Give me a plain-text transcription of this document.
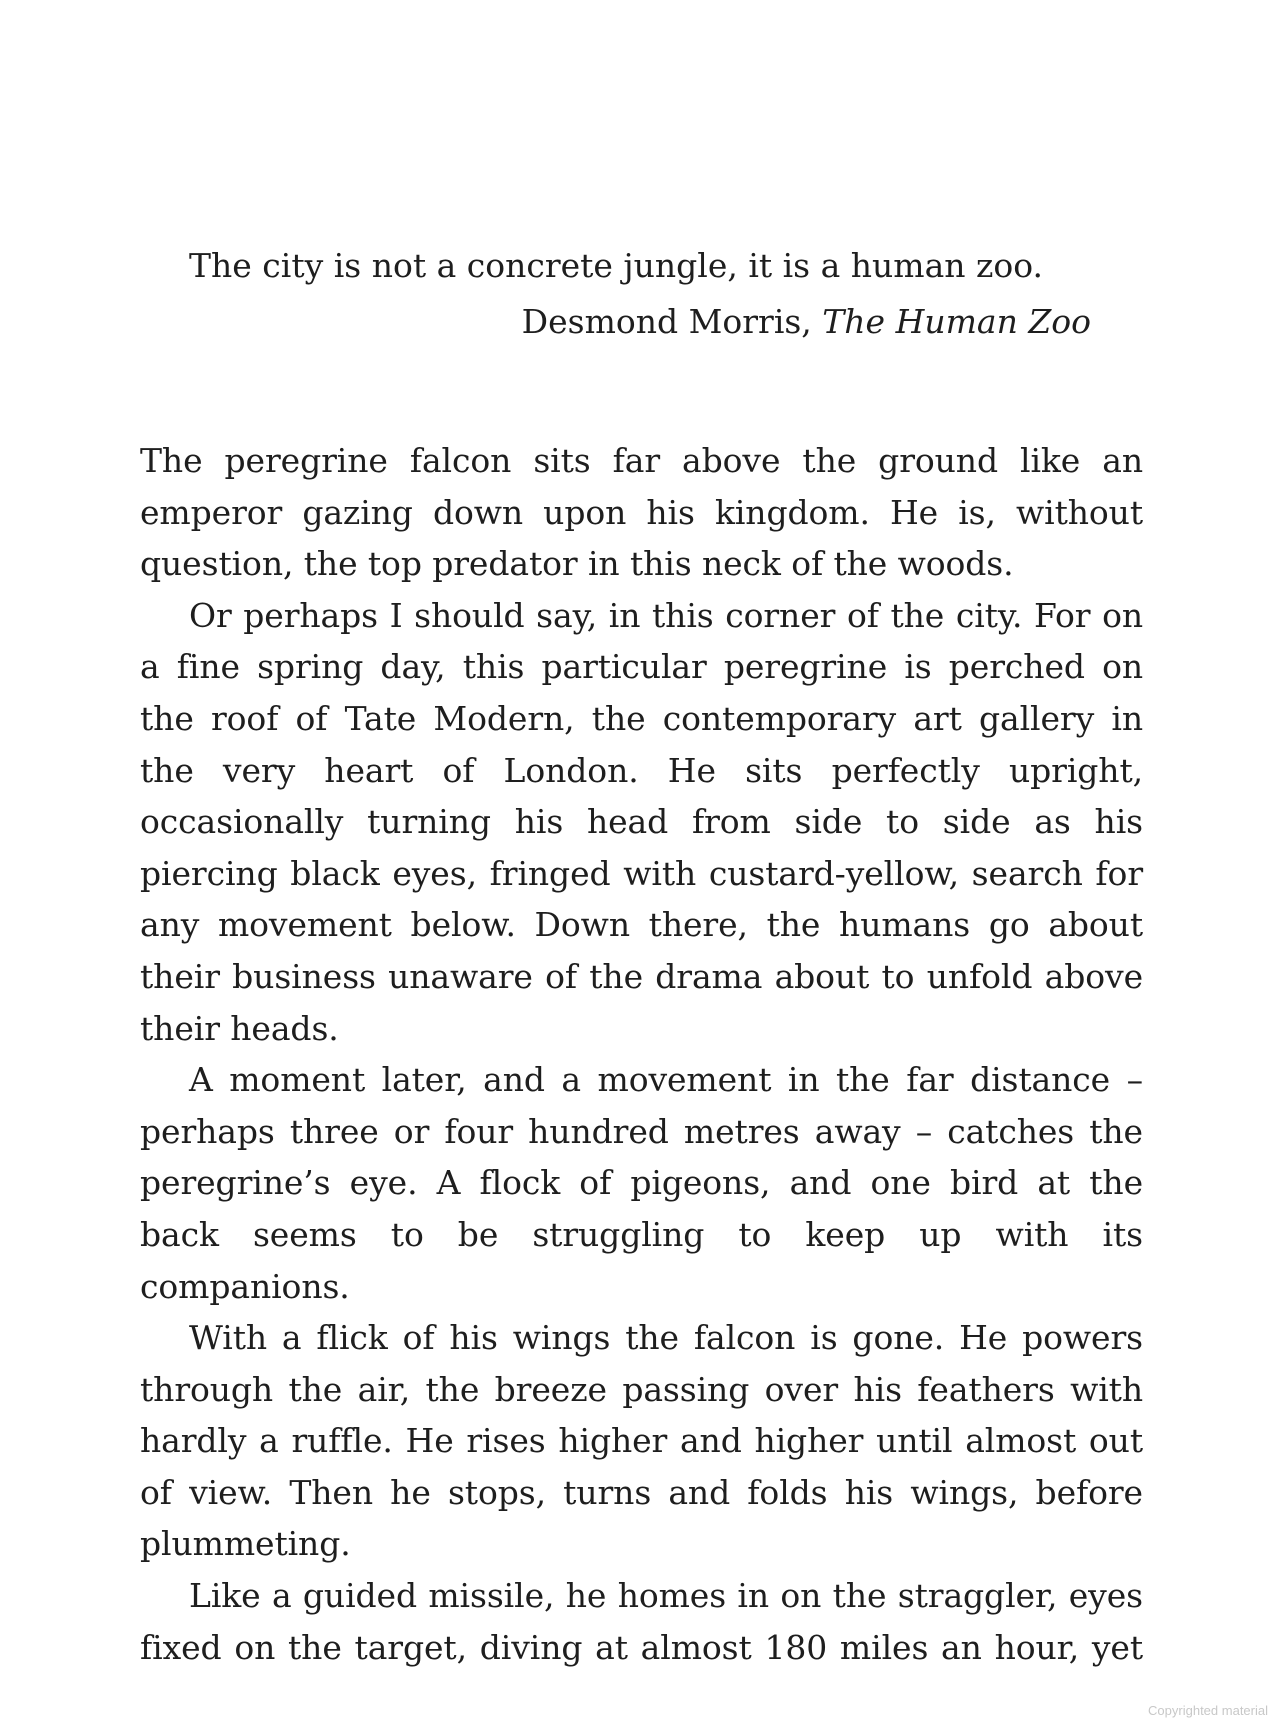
The city is not a concrete jungle, it is a human zoo.

Desmond Morris, The Human Zoo

The peregrine falcon sits far above the ground like an emperor gazing down upon his kingdom. He is, without question, the top predator in this neck of the woods.

Or perhaps I should say, in this corner of the city. For on a fine spring day, this particular peregrine is perched on the roof of Tate Modern, the contemporary art gallery in the very heart of London. He sits perfectly upright, occasionally turning his head from side to side as his piercing black eyes, fringed with custard-yellow, search for any movement below. Down there, the humans go about their business unaware of the drama about to unfold above their heads.

A moment later, and a movement in the far distance – perhaps three or four hundred metres away – catches the peregrine’s eye. A flock of pigeons, and one bird at the back seems to be struggling to keep up with its companions.

With a flick of his wings the falcon is gone. He powers through the air, the breeze passing over his feathers with hardly a ruffle. He rises higher and higher until almost out of view. Then he stops, turns and folds his wings, before plummeting.

Like a guided missile, he homes in on the straggler, eyes fixed on the target, diving at almost 180 miles an hour, yet

Copyrighted material
